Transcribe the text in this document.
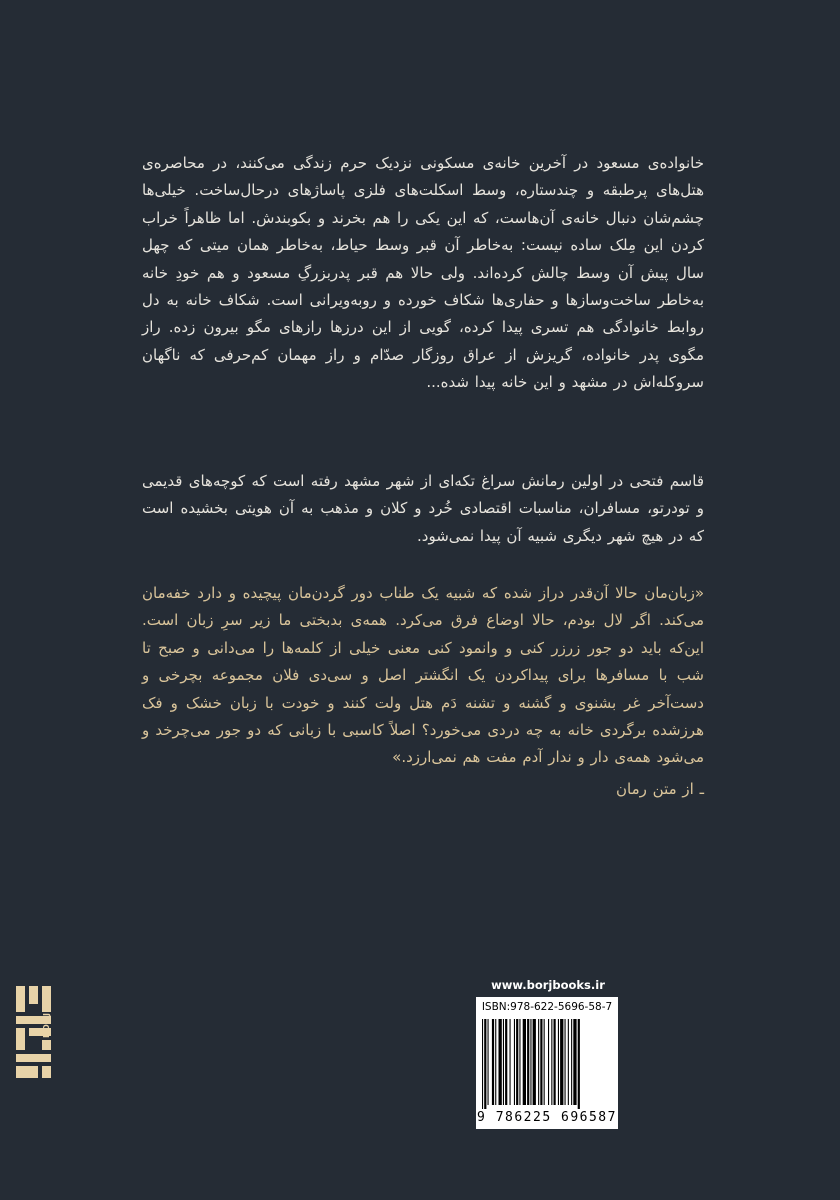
خانواده‌ی مسعود در آخرین خانه‌ی مسکونی نزدیک حرم زندگی می‌کنند، در محاصره‌ی هتل‌های پرطبقه و چندستاره، وسط اسکلت‌های فلزی پاساژهای درحال‌ساخت. خیلی‌ها چشم‌شان دنبال خانه‌ی آن‌هاست، که این یکی را هم بخرند و بکوبندش. اما ظاهراً خراب کردن این مِلک ساده نیست: به‌خاطر آن قبر وسط حیاط، به‌خاطر همان میتی که چهل سال پیش آن وسط چالش کرده‌اند. ولی حالا هم قبر پدربزرگِ مسعود و هم خودِ خانه به‌خاطر ساخت‌وسازها و حفاری‌ها شکاف خورده و روبه‌ویرانی است. شکاف خانه به دل روابط خانوادگی هم تسری پیدا کرده، گویی از این درزها رازهای مگو بیرون زده. راز مگوی پدر خانواده، گریزش از عراق روزگار صدّام و راز مهمان کم‌حرفی که ناگهان سروکله‌اش در مشهد و این خانه پیدا شده...

قاسم فتحی در اولین رمانش سراغ تکه‌ای از شهر مشهد رفته است که کوچه‌های قدیمی و تودرتو، مسافران، مناسبات اقتصادی خُرد و کلان و مذهب به آن هویتی بخشیده است که در هیچ شهر دیگری شبیه آن پیدا نمی‌شود.

«زبان‌مان حالا آن‌قدر دراز شده که شبیه یک طناب دور گردن‌مان پیچیده و دارد خفه‌مان می‌کند. اگر لال بودم، حالا اوضاع فرق می‌کرد. همه‌ی بدبختی ما زیر سرِ زبان است. این‌که باید دو جور زرزر کنی و وانمود کنی معنی خیلی از کلمه‌ها را می‌دانی و صبح تا شب با مسافرها برای پیداکردن یک انگشتر اصل و سی‌دی فلان مجموعه بچرخی و دست‌آخر غر بشنوی و گشنه و تشنه دَم هتل ولت کنند و خودت با زبان خشک و فک هرزشده برگردی خانه به چه دردی می‌خورد؟ اصلاً کاسبی با زبانی که دو جور می‌چرخد و می‌شود همه‌ی دار و ندار آدم مفت هم نمی‌ارزد.»

ـ از متن رمان

BORJ
www.borjbooks.ir
ISBN:978-622-5696-58-7
9 786225 696587
